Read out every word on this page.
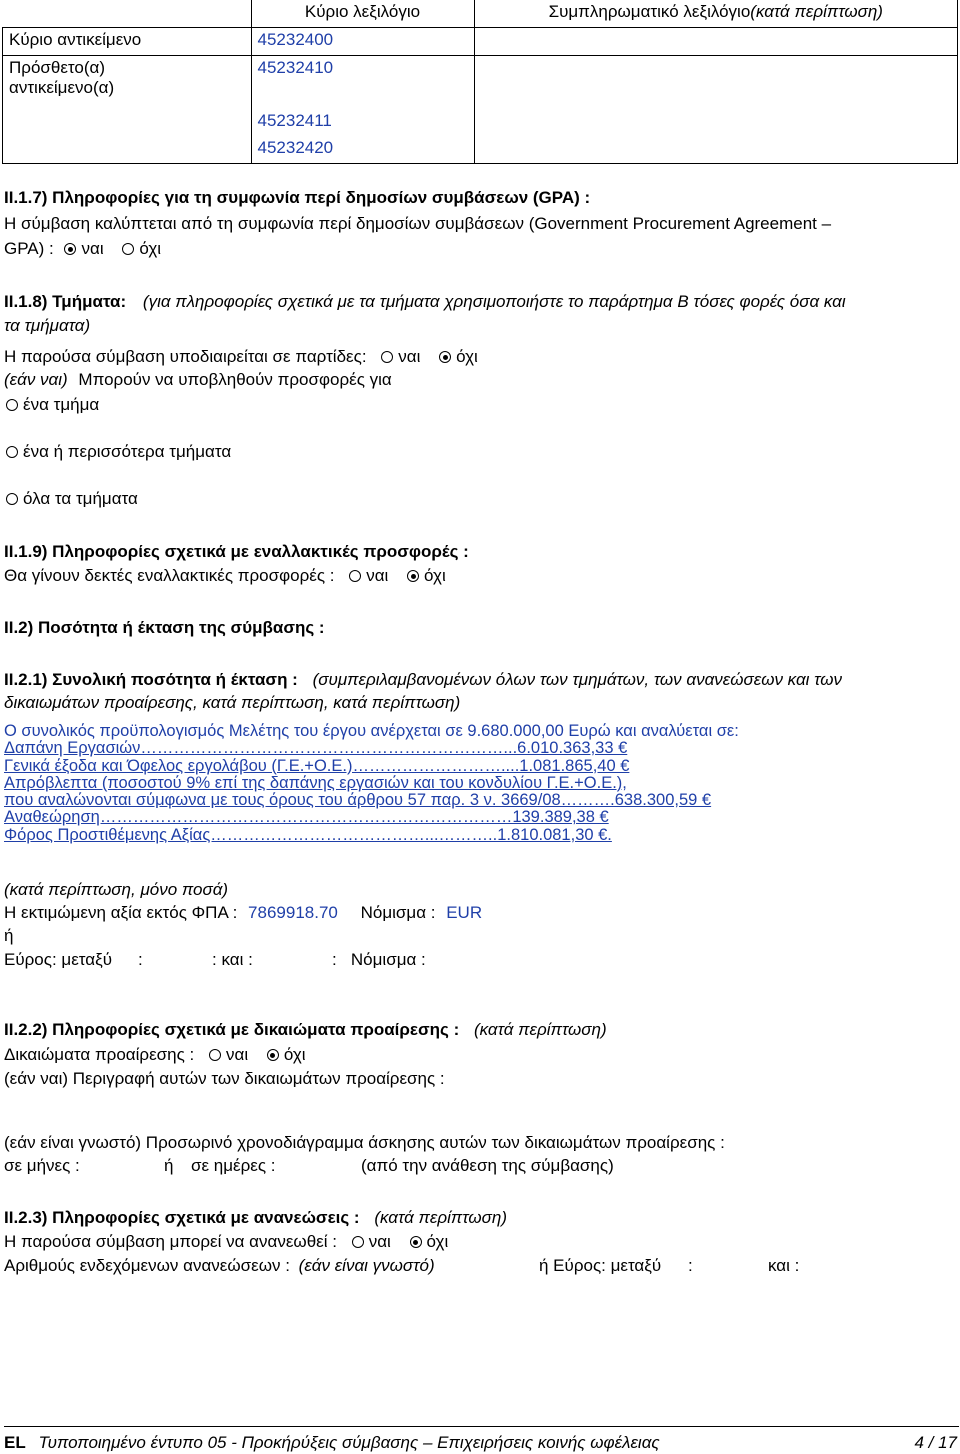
	Κύριο λεξιλόγιο	Συμπληρωματικό λεξιλόγιο(κατά περίπτωση)
Κύριο αντικείμενο	45232400	

Πρόσθετο(α)
αντικείμενο(α)	45232410	
	45232411	
	45232420	
ΙΙ.1.7) Πληροφορίες για τη συμφωνία περί δημοσίων συμβάσεων (GPA) :
Η σύμβαση καλύπτεται από τη συμφωνία περί δημοσίων συμβάσεων (Government Procurement Agreement –
GPA) : ναι όχι
ΙΙ.1.8) Τμήματα: (για πληροφορίες σχετικά με τα τμήματα χρησιμοποιήστε το παράρτημα Β τόσες φορές όσα και
τα τμήματα)
Η παρούσα σύμβαση υποδιαιρείται σε παρτίδες: ναι όχι
(εάν ναι) Μπορούν να υποβληθούν προσφορές για
ένα τμήμα
ένα ή περισσότερα τμήματα
όλα τα τμήματα
ΙΙ.1.9) Πληροφορίες σχετικά με εναλλακτικές προσφορές :
Θα γίνουν δεκτές εναλλακτικές προσφορές : ναι όχι
ΙΙ.2) Ποσότητα ή έκταση της σύμβασης :
ΙΙ.2.1) Συνολική ποσότητα ή έκταση : (συμπεριλαμβανομένων όλων των τμημάτων, των ανανεώσεων και των
δικαιωμάτων προαίρεσης, κατά περίπτωση, κατά περίπτωση)
Ο συνολικός προϋπολογισμός Μελέτης του έργου ανέρχεται σε 9.680.000,00 Ευρώ και αναλύεται σε:
Δαπάνη Εργασιών…………………………………………………………...6.010.363,33 €
Γενικά έξοδα και Όφελος εργολάβου (Γ.Ε.+Ο.Ε.)………………………....1.081.865,40 €
Απρόβλεπτα (ποσοστού 9% επί της δαπάνης εργασιών και του κονδυλίου Γ.Ε.+Ο.Ε.),
που αναλώνονται σύμφωνα με τους όρους του άρθρου 57 παρ. 3 ν. 3669/08……….638.300,59 €
Αναθεώρηση…………………………………………………………………139.389,38 €
Φόρος Προστιθέμενης Αξίας…………………………………...………..1.810.081,30 €.
(κατά περίπτωση, μόνο ποσά)
Η εκτιμώμενη αξία εκτός ΦΠΑ : 7869918.70 Νόμισμα : EUR
ή
Εύρος: μεταξύ :	: και :	:   Νόμισμα :
ΙΙ.2.2) Πληροφορίες σχετικά με δικαιώματα προαίρεσης : (κατά περίπτωση)
Δικαιώματα προαίρεσης : ναι όχι
(εάν ναι) Περιγραφή αυτών των δικαιωμάτων προαίρεσης :
(εάν είναι γνωστό) Προσωρινό χρονοδιάγραμμα άσκησης αυτών των δικαιωμάτων προαίρεσης :
σε μήνες :	ή σε ημέρες :	(από την ανάθεση της σύμβασης)
ΙΙ.2.3) Πληροφορίες σχετικά με ανανεώσεις : (κατά περίπτωση)
Η παρούσα σύμβαση μπορεί να ανανεωθεί : ναι όχι
Αριθμούς ενδεχόμενων ανανεώσεων : (εάν είναι γνωστό)	ή Εύρος: μεταξύ :	και :
EL Τυποποιημένο έντυπο 05 - Προκήρύξεις σύμβασης – Επιχειρήσεις κοινής ωφέλειας	4 / 17
